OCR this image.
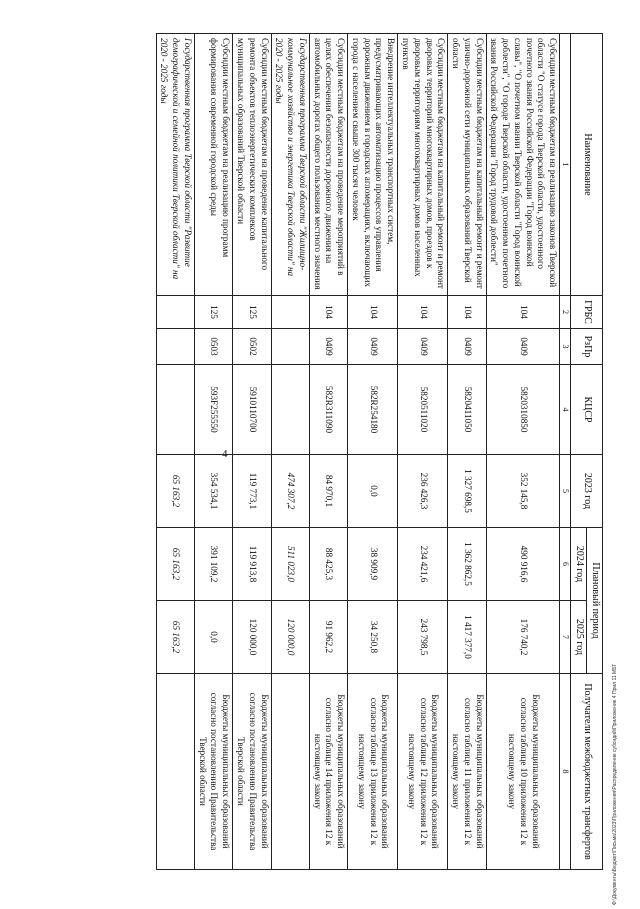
4
Ф:\Документы\Бюджет\Письма\2023\Приложения\Распределение субсидий\Приложение 4 Прил 11 МБТ
Наименование	ГРБС	РзПр	КЦСР	2023 год	Плановый период		Получатели межбюджетных трансфертов
					2024 год	2025 год	
1	2	3	4	5	6	7	8
Субсидии местным бюджетам на реализацию законов Тверской области "О статусе города Тверской области, удостоенного почетного звания Российской Федерации "Город воинской славы", "О почетном звании Тверской области "Город воинской доблести", "О городе Тверской области, удостоенном почетного звания Российской Федерации "Город трудовой доблести"	104	0409	5820310850	352 145,8	490 916,6	176 740,2	Бюджеты муниципальных образований согласно таблице 10 приложения 12 к настоящему закону
Субсидии местным бюджетам на капитальный ремонт и ремонт улично-дорожной сети муниципальных образований Тверской области	104	0409	5820411050	1 327 698,5	1 362 862,5	1 417 377,0	Бюджеты муниципальных образований согласно таблице 11 приложения 12 к настоящему закону
Субсидии местным бюджетам на капитальный ремонт и ремонт дворовых территорий многоквартирных домов, проездов к дворовым территориям многоквартирных домов населенных пунктов	104	0409	5820511020	236 426,3	234 421,6	243 798,5	Бюджеты муниципальных образований согласно таблице 12 приложения 12 к настоящему закону
Внедрение интеллектуальных транспортных систем, предусматривающих автоматизацию процессов управления дорожным движением в городских агломерациях, включающих города с населением свыше 300 тысяч человек	104	0409	582R254180	0,0	38 909,9	34 250,8	Бюджеты муниципальных образований согласно таблице 13 приложения 12 к настоящему закону
Субсидии местным бюджетам на проведение мероприятий в целях обеспечения безопасности дорожного движения на автомобильных дорогах общего пользования местного значения	104	0409	582R311090	84 970,1	88 425,3	91 962,2	Бюджеты муниципальных образований согласно таблице 14 приложения 12 к настоящему закону
Государственная программа Тверской области "Жилищно-коммунальное хозяйство и энергетика Тверской области" на 2020 - 2025 годы				474 307,2	511 023,0	120 000,0	
Субсидии местным бюджетам на проведение капитального ремонта объектов теплоэнергетических комплексов муниципальных образований Тверской области	125	0502	5910110700	119 773,1	119 913,8	120 000,0	Бюджеты муниципальных образований согласно постановлению Правительства Тверской области
Субсидии местным бюджетам на реализацию программ формирования современной городской среды	125	0503	593F255550	354 534,1	391 109,2	0,0	Бюджеты муниципальных образований согласно постановлению Правительства Тверской области
Государственная программа Тверской области "Развитие демографической и семейной политики Тверской области" на 2020 - 2025 годы				65 163,2	65 163,2	65 163,2	
